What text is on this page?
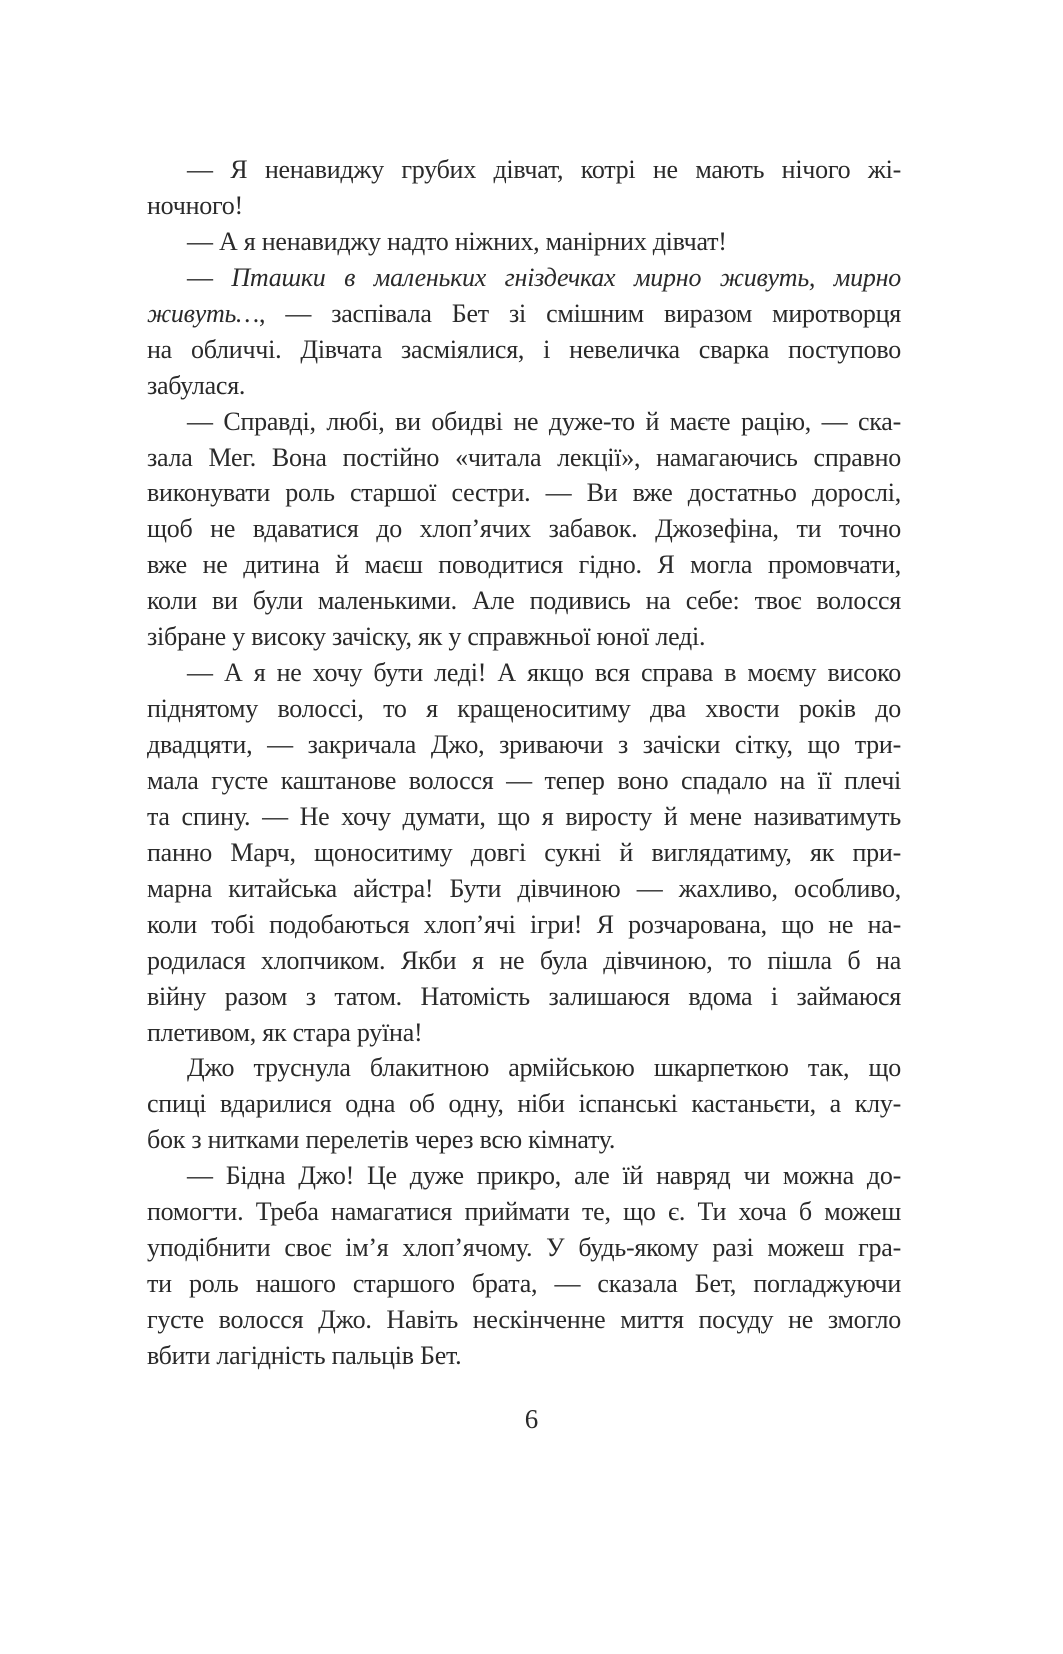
— Я ненавиджу грубих дівчат, котрі не мають нічого жі-
ночного!
— А я ненавиджу надто ніжних, манірних дівчат!
— Пташки в маленьких гніздечках мирно живуть, мирно
живуть…, — заспівала Бет зі смішним виразом миротворця
на обличчі. Дівчата засміялися, і невеличка сварка поступово
забулася.
— Справді, любі, ви обидві не дуже-то й маєте рацію, — ска-
зала Мег. Вона постійно «читала лекції», намагаючись справно
виконувати роль старшої сестри. — Ви вже достатньо дорослі,
щоб не вдаватися до хлоп’ячих забавок. Джозефіна, ти точно
вже не дитина й маєш поводитися гідно. Я могла промовчати,
коли ви були маленькими. Але подивись на себе: твоє волосся
зібране у високу зачіску, як у справжньої юної леді.
— А я не хочу бути леді! А якщо вся справа в моєму високо
піднятому волоссі, то я кращеноситиму два хвости років до
двадцяти, — закричала Джо, зриваючи з зачіски сітку, що три-
мала густе каштанове волосся — тепер воно спадало на її плечі
та спину. — Не хочу думати, що я виросту й мене називатимуть
панно Марч, щоноситиму довгі сукні й виглядатиму, як при-
марна китайська айстра! Бути дівчиною — жахливо, особливо,
коли тобі подобаються хлоп’ячі ігри! Я розчарована, що не на-
родилася хлопчиком. Якби я не була дівчиною, то пішла б на
війну разом з татом. Натомість залишаюся вдома і займаюся
плетивом, як стара руїна!
Джо труснула блакитною армійською шкарпеткою так, що
спиці вдарилися одна об одну, ніби іспанські кастаньєти, а клу-
бок з нитками перелетів через всю кімнату.
— Бідна Джо! Це дуже прикро, але їй навряд чи можна до-
помогти. Треба намагатися приймати те, що є. Ти хоча б можеш
уподібнити своє ім’я хлоп’ячому. У будь-якому разі можеш гра-
ти роль нашого старшого брата, — сказала Бет, погладжуючи
густе волосся Джо. Навіть нескінченне миття посуду не змогло
вбити лагідність пальців Бет.
6
